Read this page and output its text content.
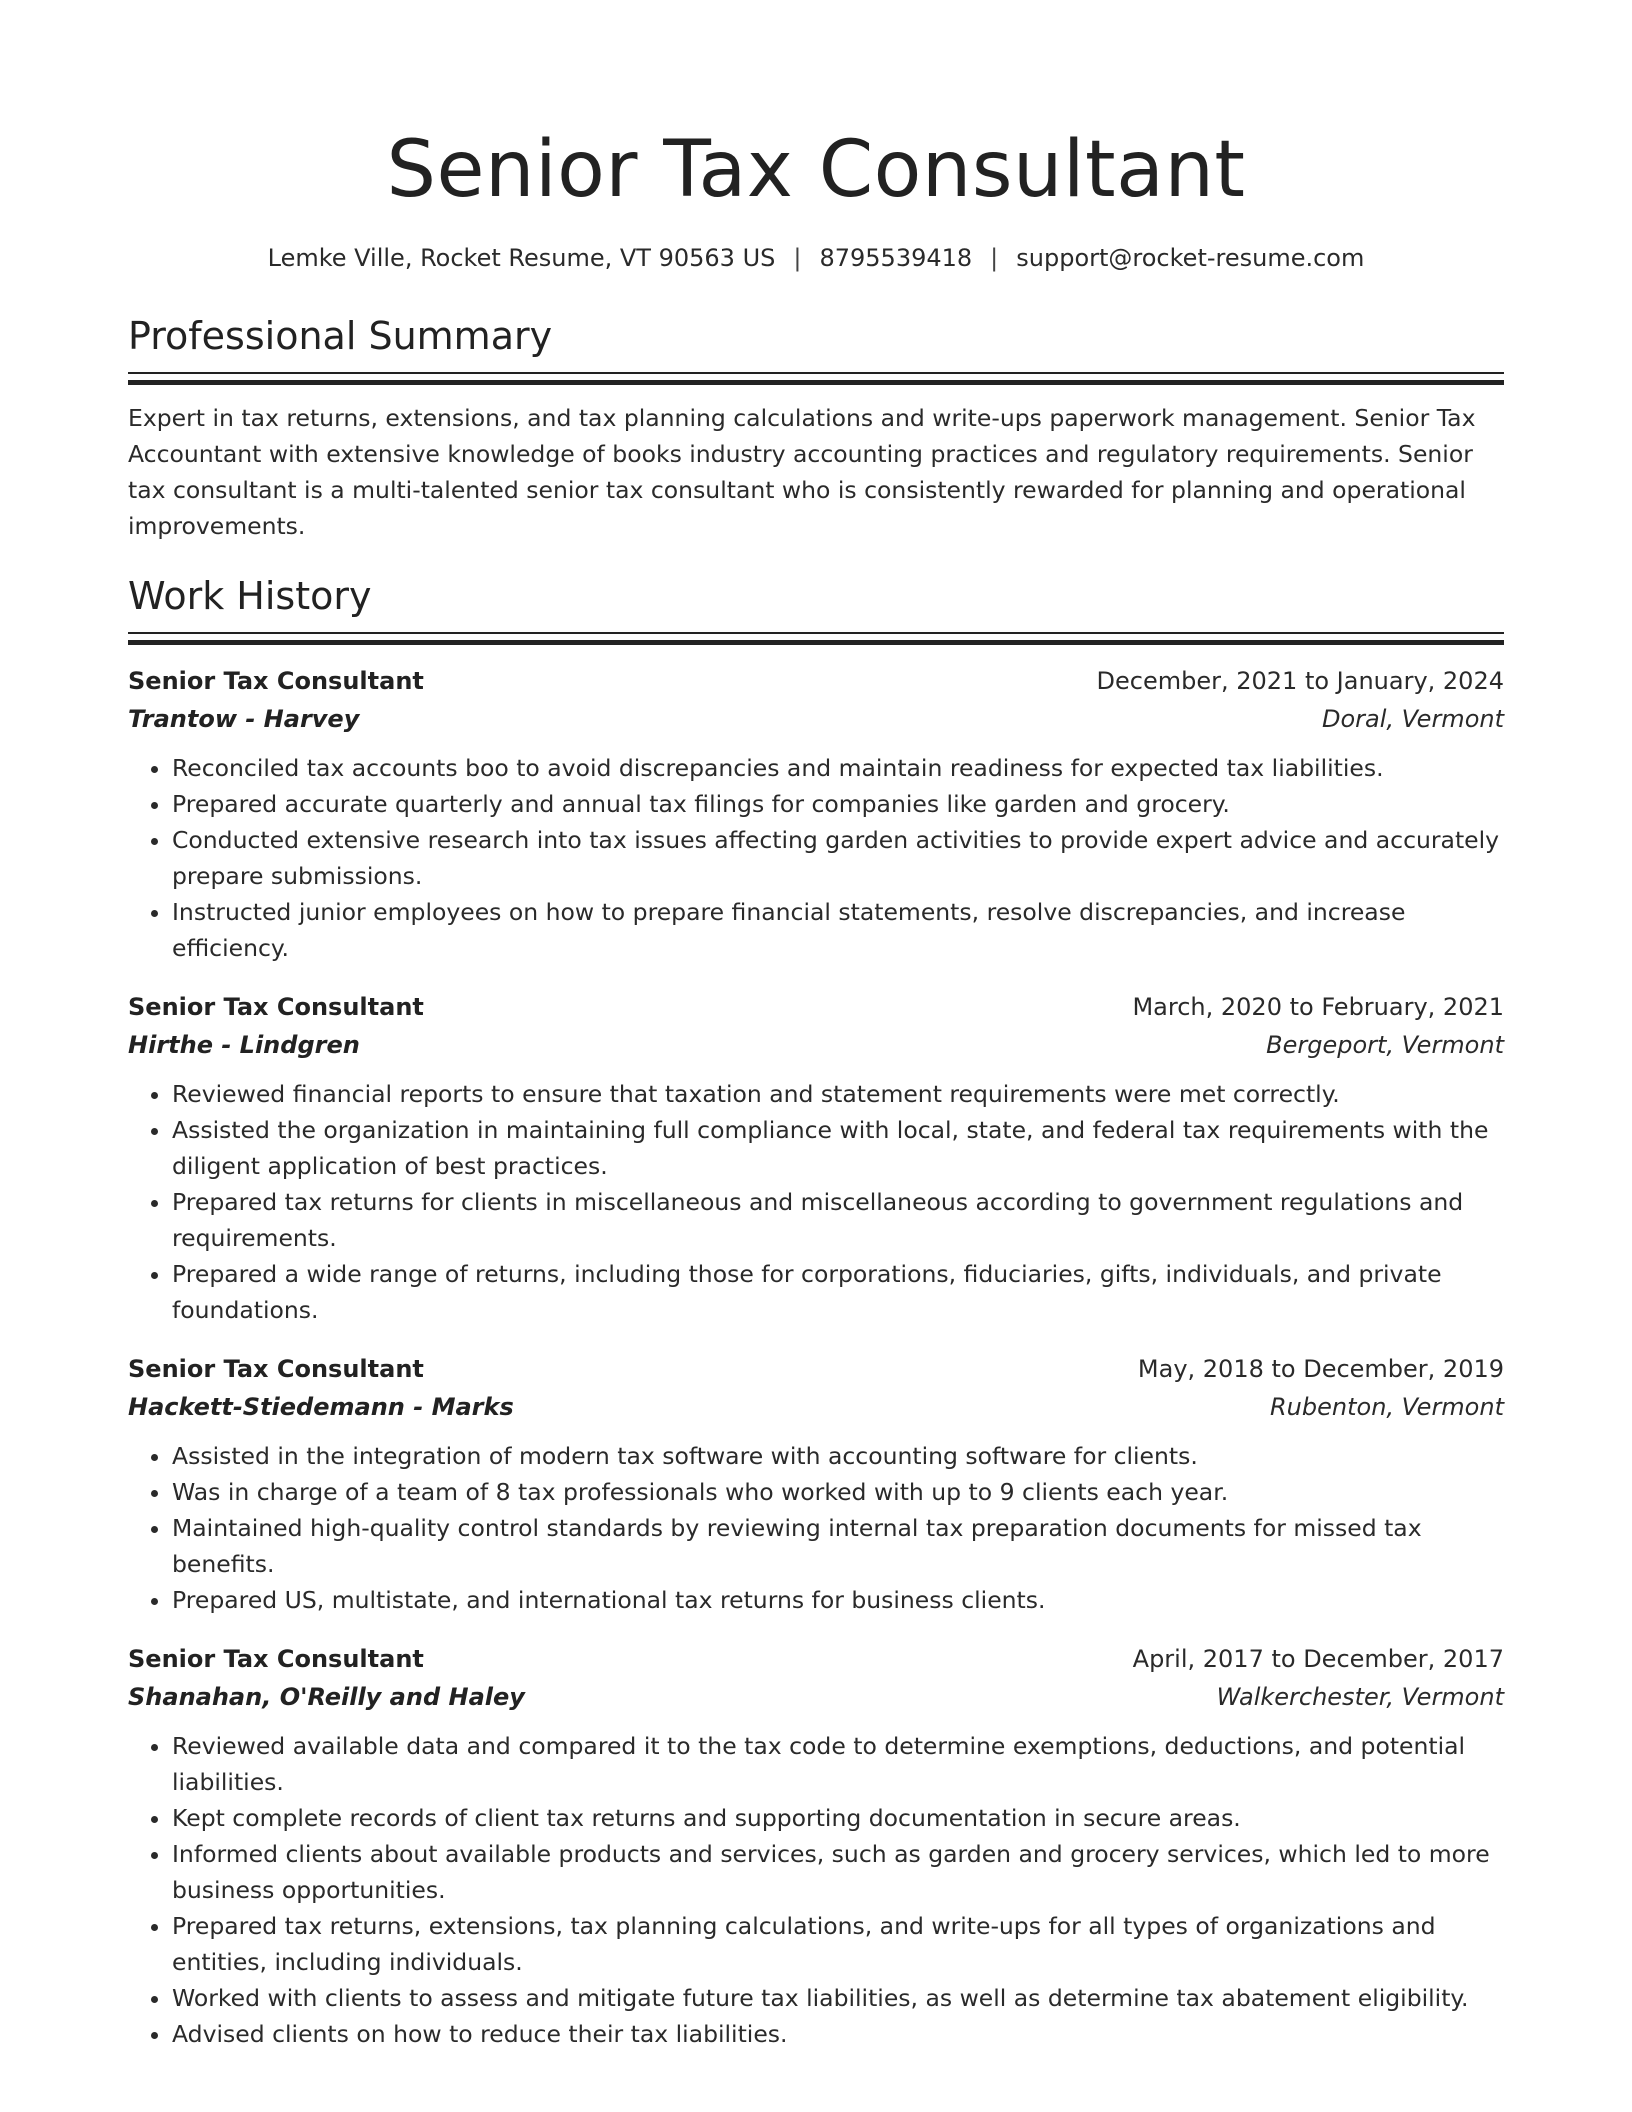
Senior Tax Consultant
Lemke Ville, Rocket Resume, VT 90563 US | 8795539418 | support@rocket-resume.com
Professional Summary

Expert in tax returns, extensions, and tax planning calculations and write-ups paperwork management. Senior Tax Accountant with extensive knowledge of books industry accounting practices and regulatory requirements. Senior tax consultant is a multi-talented senior tax consultant who is consistently rewarded for planning and operational improvements.

Work History
Senior Tax Consultant	December, 2021 to January, 2024
Trantow - Harvey	Doral, Vermont
• Reconciled tax accounts boo to avoid discrepancies and maintain readiness for expected tax liabilities.
• Prepared accurate quarterly and annual tax filings for companies like garden and grocery.
• Conducted extensive research into tax issues affecting garden activities to provide expert advice and accurately prepare submissions.
• Instructed junior employees on how to prepare financial statements, resolve discrepancies, and increase efficiency.
Senior Tax Consultant	March, 2020 to February, 2021
Hirthe - Lindgren	Bergeport, Vermont
• Reviewed financial reports to ensure that taxation and statement requirements were met correctly.
• Assisted the organization in maintaining full compliance with local, state, and federal tax requirements with the diligent application of best practices.
• Prepared tax returns for clients in miscellaneous and miscellaneous according to government regulations and requirements.
• Prepared a wide range of returns, including those for corporations, fiduciaries, gifts, individuals, and private foundations.
Senior Tax Consultant	May, 2018 to December, 2019
Hackett-Stiedemann - Marks	Rubenton, Vermont
• Assisted in the integration of modern tax software with accounting software for clients.
• Was in charge of a team of 8 tax professionals who worked with up to 9 clients each year.
• Maintained high-quality control standards by reviewing internal tax preparation documents for missed tax benefits.
• Prepared US, multistate, and international tax returns for business clients.
Senior Tax Consultant	April, 2017 to December, 2017
Shanahan, O'Reilly and Haley	Walkerchester, Vermont
• Reviewed available data and compared it to the tax code to determine exemptions, deductions, and potential liabilities.
• Kept complete records of client tax returns and supporting documentation in secure areas.
• Informed clients about available products and services, such as garden and grocery services, which led to more business opportunities.
• Prepared tax returns, extensions, tax planning calculations, and write-ups for all types of organizations and entities, including individuals.
• Worked with clients to assess and mitigate future tax liabilities, as well as determine tax abatement eligibility.
• Advised clients on how to reduce their tax liabilities.
